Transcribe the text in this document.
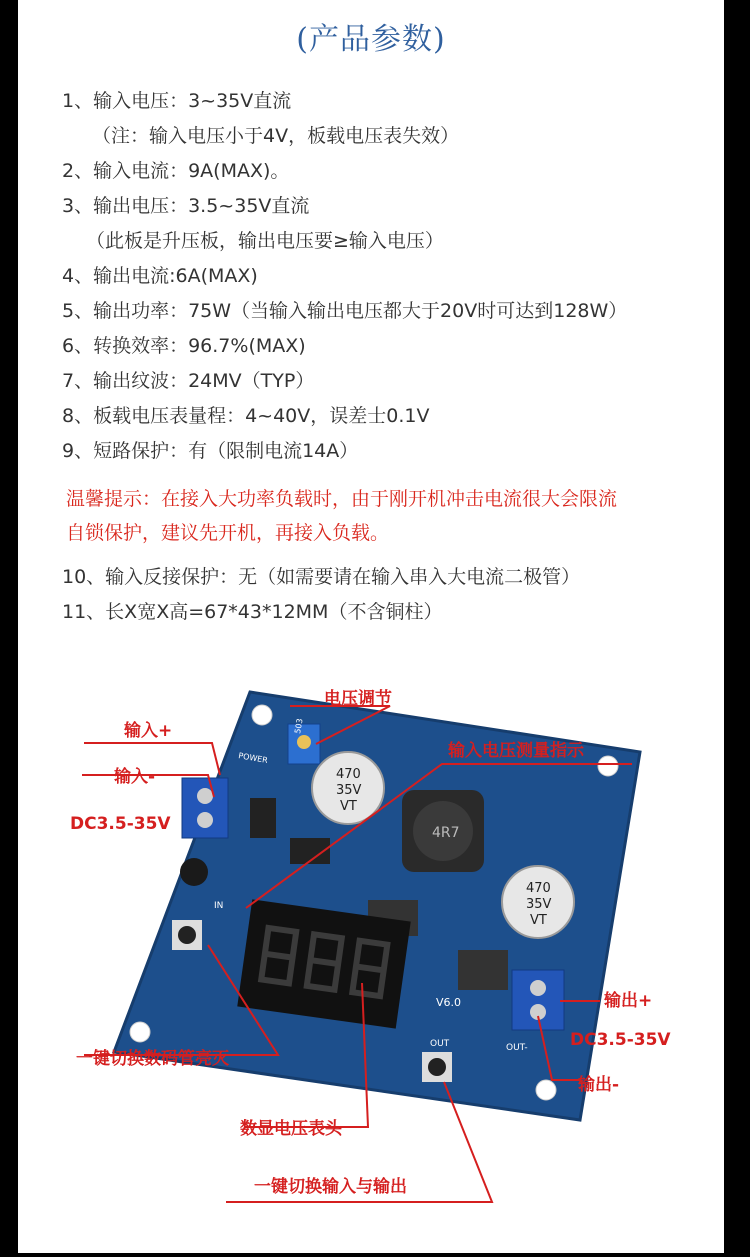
(产品参数)
1、输入电压：3~35V直流
（注：输入电压小于4V，板载电压表失效）
2、输入电流：9A(MAX)。
3、输出电压：3.5~35V直流
（此板是升压板，输出电压要≥输入电压）
4、输出电流:6A(MAX)
5、输出功率：75W（当输入输出电压都大于20V时可达到128W）
6、转换效率：96.7%(MAX)
7、输出纹波：24MV（TYP）
8、板载电压表量程：4~40V，误差士0.1V
9、短路保护：有（限制电流14A）
温馨提示：在接入大功率负载时，由于刚开机冲击电流很大会限流
自锁保护，建议先开机，再接入负载。
10、输入反接保护：无（如需要请在输入串入大电流二极管）
11、长X宽X高=67*43*12MM（不含铜柱）
503
POWER
470
35V
VT
4R7
470
35V
VT
IN-
OUT-
IN
V6.0
OUT
电压调节
输入+
输入-
DC3.5-35V
输入电压测量指示
一键切换数码管亮灭
数显电压表头
一键切换输入与输出
输出+
DC3.5-35V
输出-
